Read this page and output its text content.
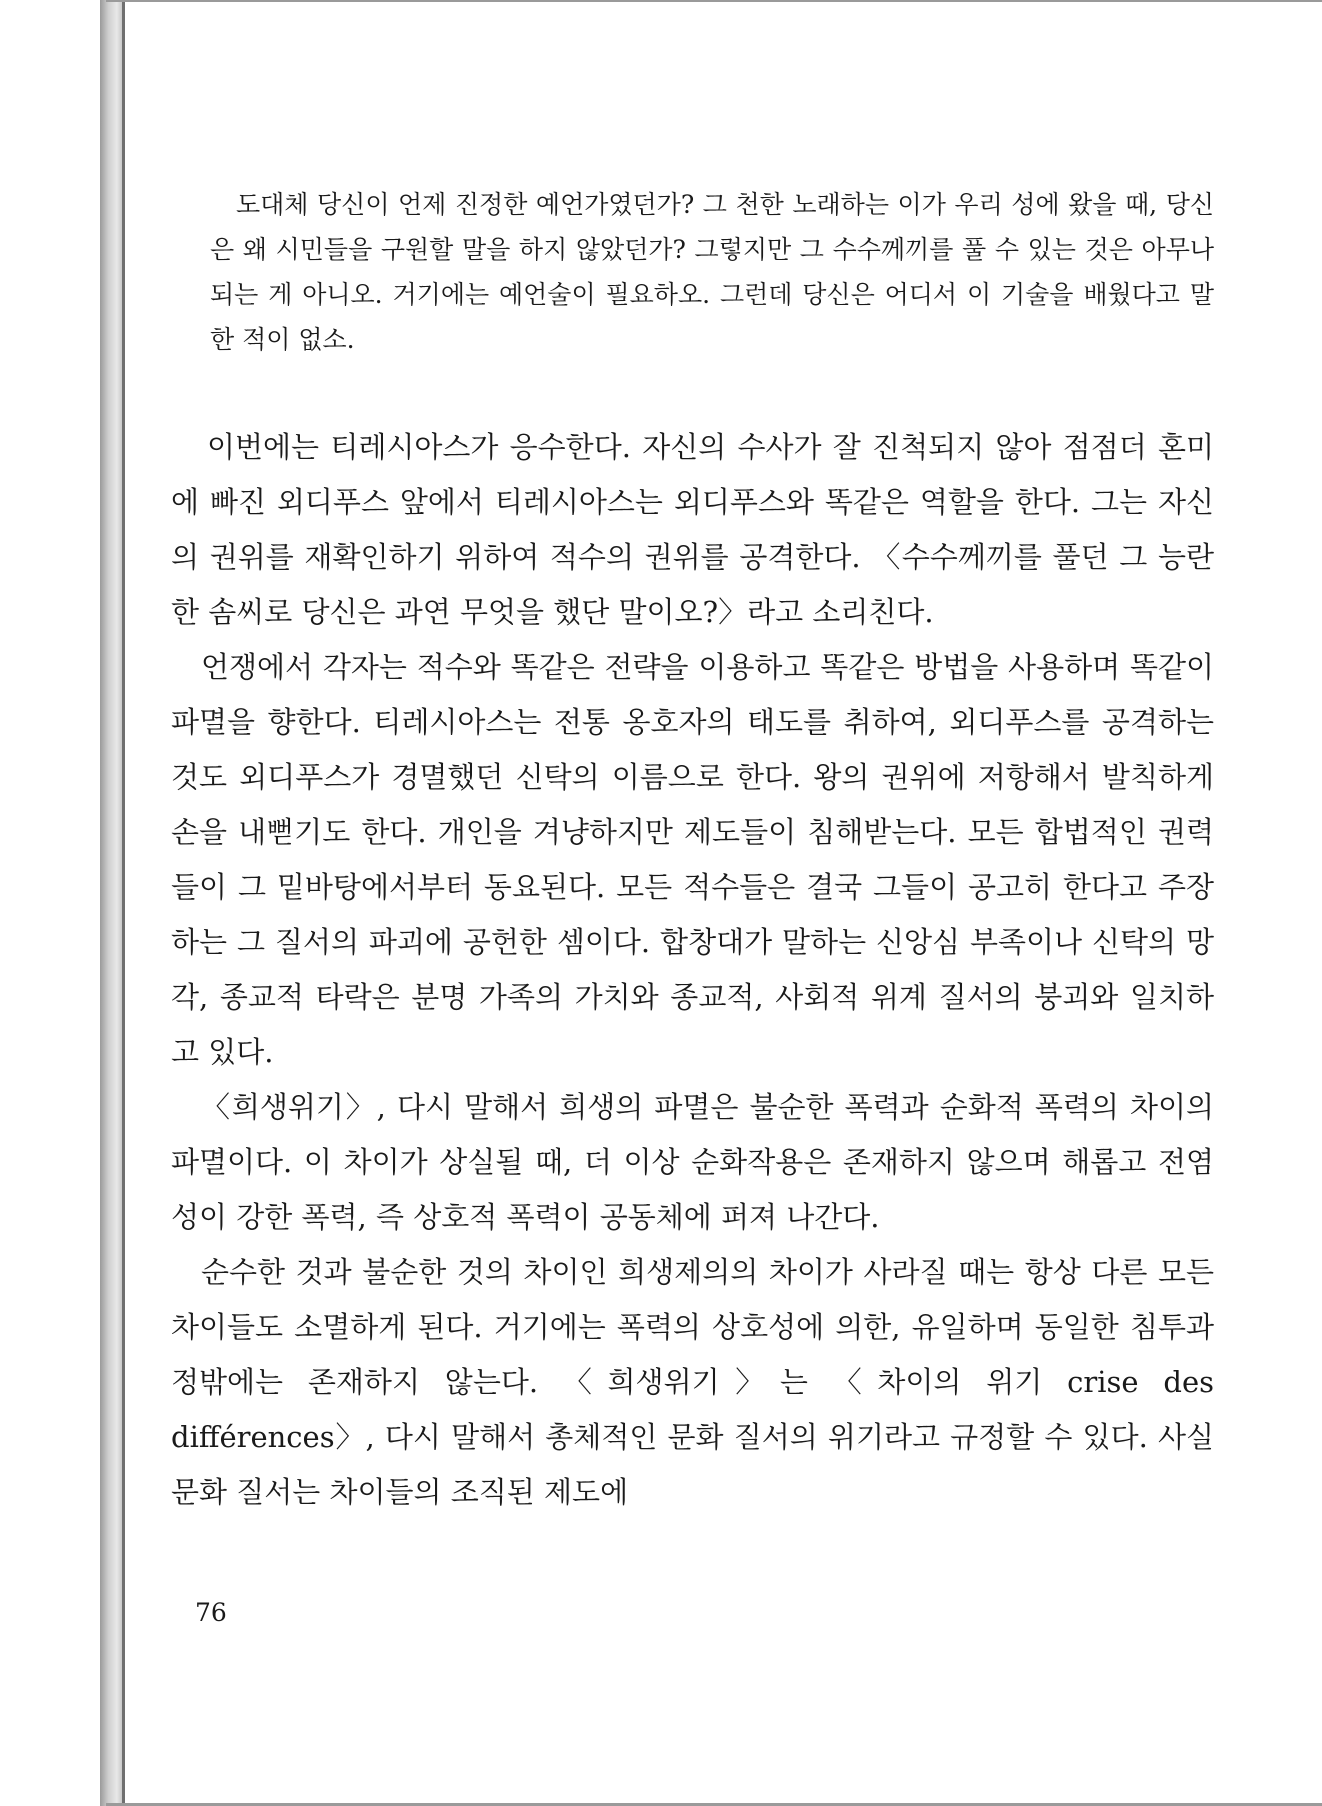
도대체 당신이 언제 진정한 예언가였던가? 그 천한 노래하는 이가 우리 성에 왔을 때, 당신은 왜 시민들을 구원할 말을 하지 않았던가? 그렇지만 그 수수께끼를 풀 수 있는 것은 아무나 되는 게 아니오. 거기에는 예언술이 필요하오. 그런데 당신은 어디서 이 기술을 배웠다고 말한 적이 없소.

이번에는 티레시아스가 응수한다. 자신의 수사가 잘 진척되지 않아 점점더 혼미에 빠진 외디푸스 앞에서 티레시아스는 외디푸스와 똑같은 역할을 한다. 그는 자신의 권위를 재확인하기 위하여 적수의 권위를 공격한다. 〈수수께끼를 풀던 그 능란한 솜씨로 당신은 과연 무엇을 했단 말이오?〉라고 소리친다.

언쟁에서 각자는 적수와 똑같은 전략을 이용하고 똑같은 방법을 사용하며 똑같이 파멸을 향한다. 티레시아스는 전통 옹호자의 태도를 취하여, 외디푸스를 공격하는 것도 외디푸스가 경멸했던 신탁의 이름으로 한다. 왕의 권위에 저항해서 발칙하게 손을 내뻗기도 한다. 개인을 겨냥하지만 제도들이 침해받는다. 모든 합법적인 권력들이 그 밑바탕에서부터 동요된다. 모든 적수들은 결국 그들이 공고히 한다고 주장하는 그 질서의 파괴에 공헌한 셈이다. 합창대가 말하는 신앙심 부족이나 신탁의 망각, 종교적 타락은 분명 가족의 가치와 종교적, 사회적 위계 질서의 붕괴와 일치하고 있다.

〈희생위기〉, 다시 말해서 희생의 파멸은 불순한 폭력과 순화적 폭력의 차이의 파멸이다. 이 차이가 상실될 때, 더 이상 순화작용은 존재하지 않으며 해롭고 전염성이 강한 폭력, 즉 상호적 폭력이 공동체에 퍼져 나간다.

순수한 것과 불순한 것의 차이인 희생제의의 차이가 사라질 때는 항상 다른 모든 차이들도 소멸하게 된다. 거기에는 폭력의 상호성에 의한, 유일하며 동일한 침투과정밖에는 존재하지 않는다. 〈희생위기〉는 〈차이의 위기 crise des différences〉, 다시 말해서 총체적인 문화 질서의 위기라고 규정할 수 있다. 사실 문화 질서는 차이들의 조직된 제도에

76
